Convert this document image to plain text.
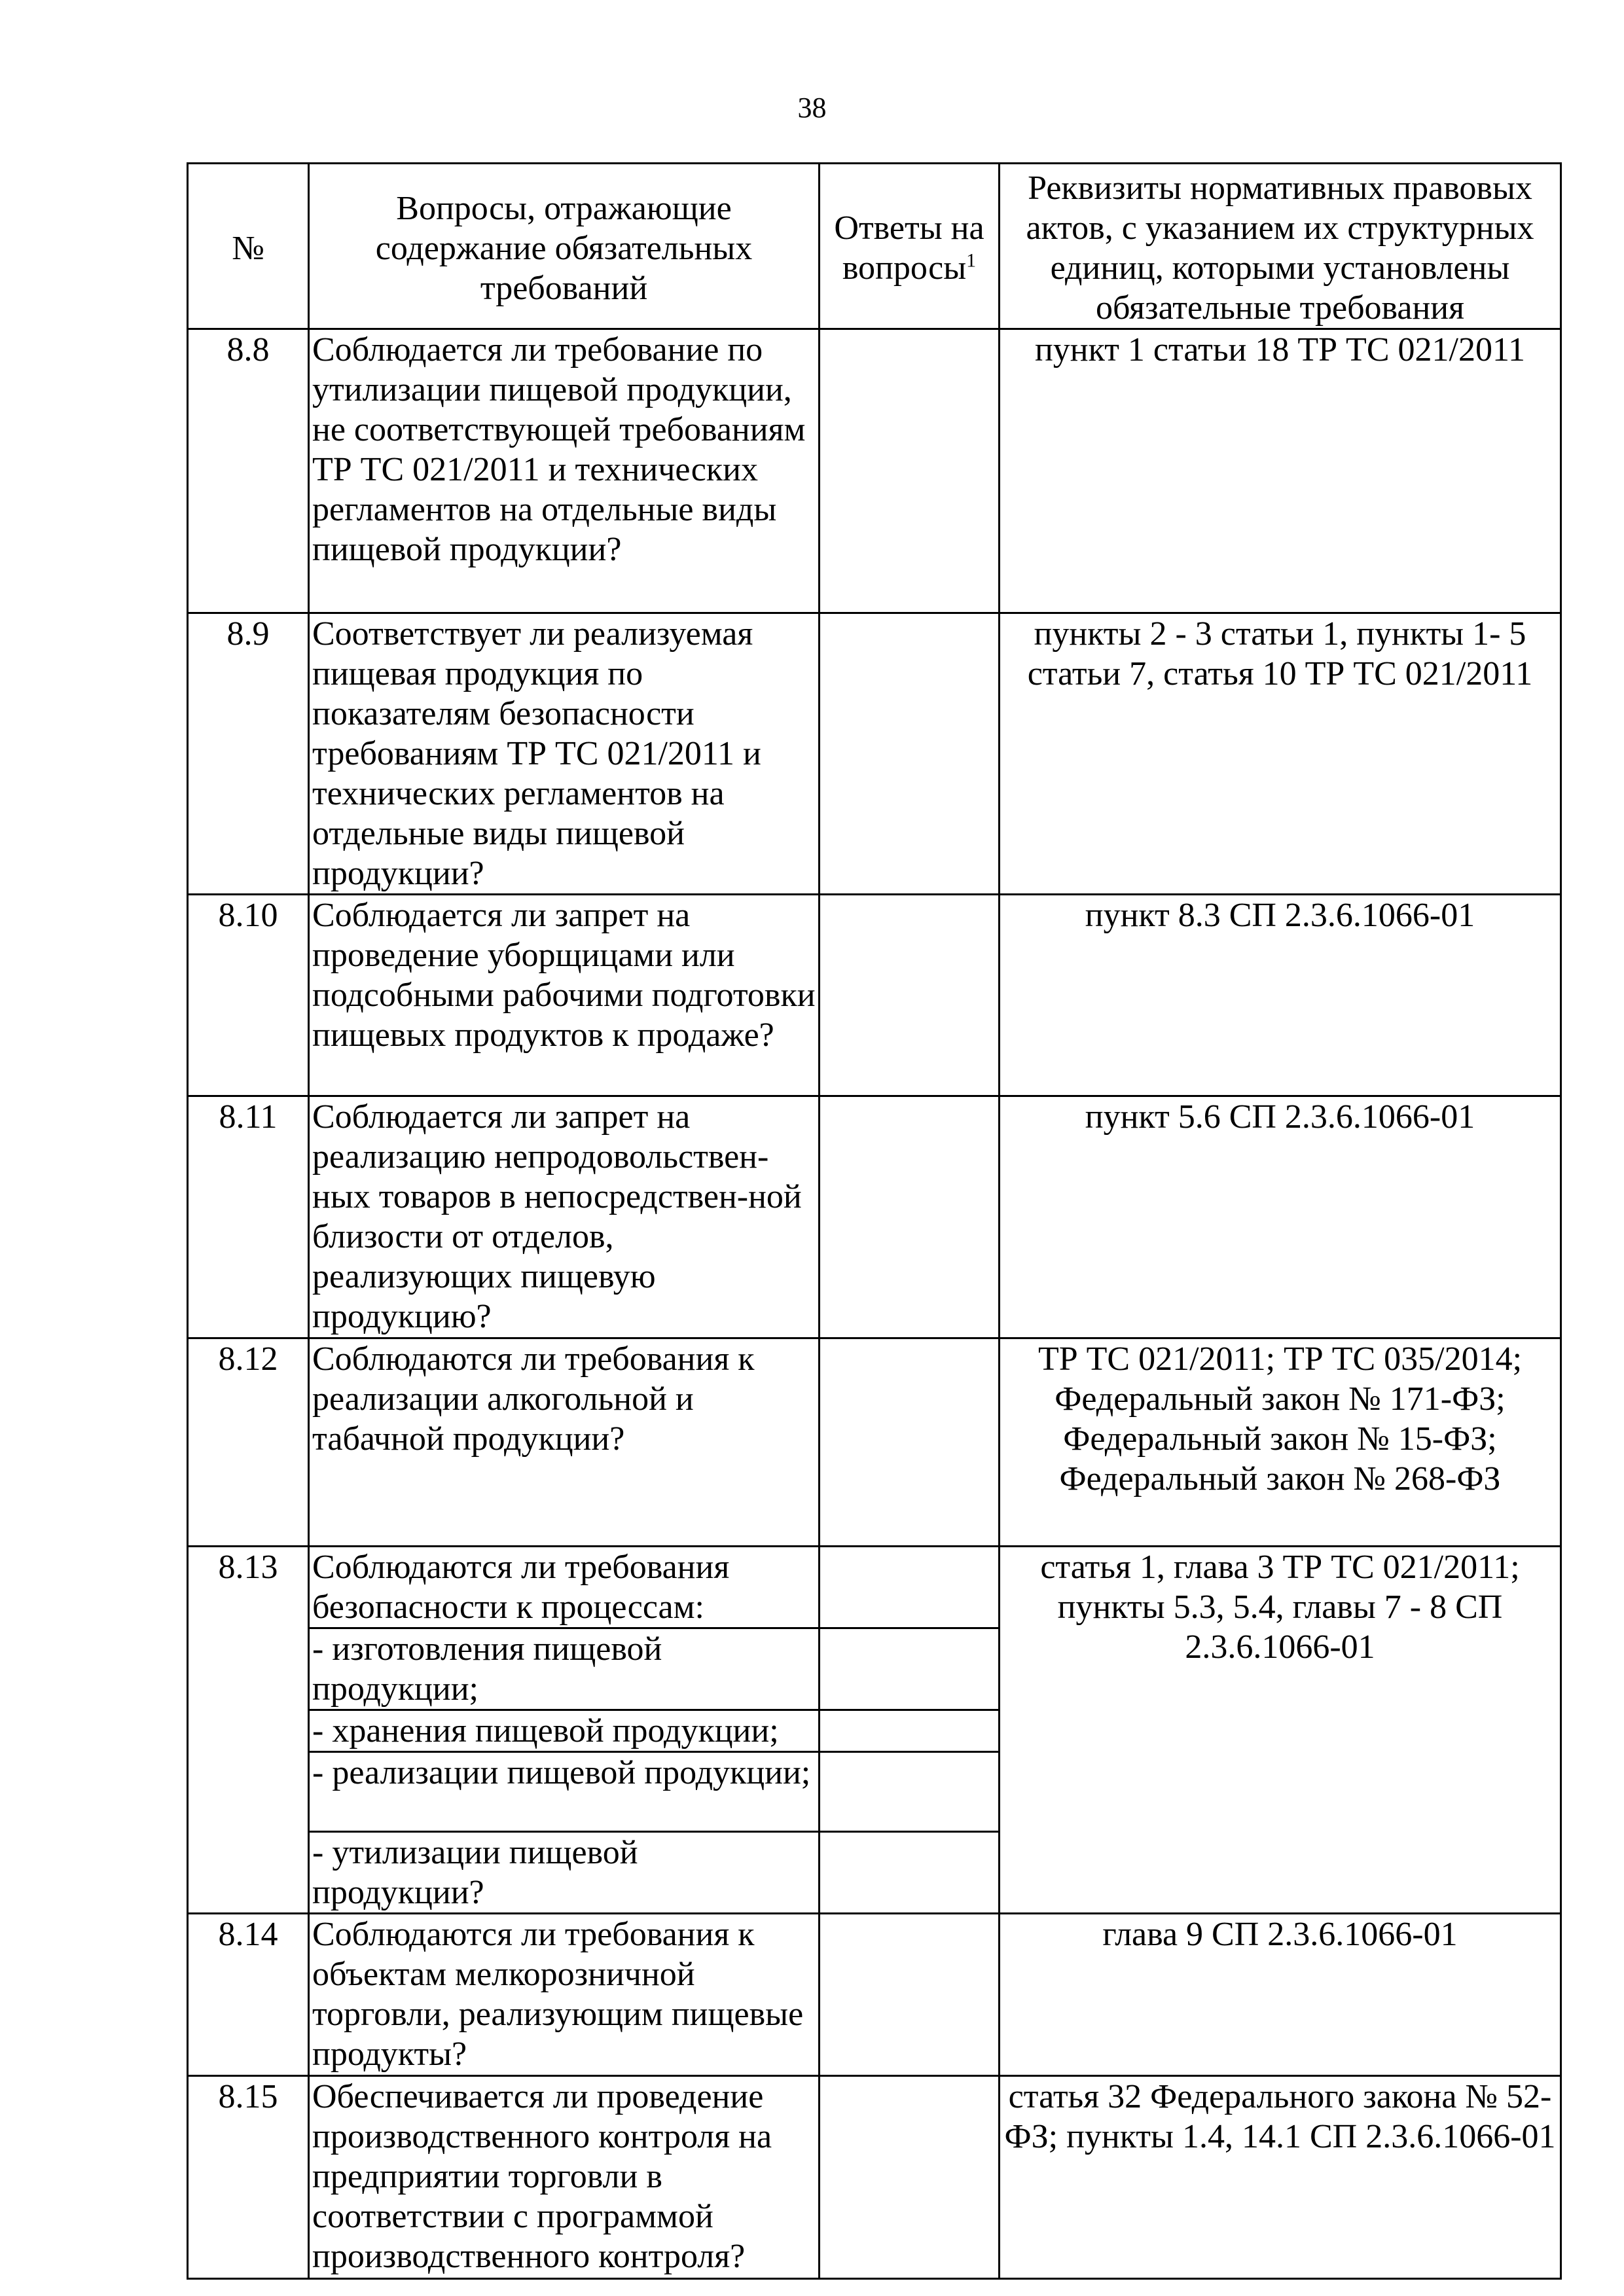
38
№	Вопросы, отражающие содержание обязательных требований	Ответы на вопросы$^1$	Реквизиты нормативных правовых актов, с указанием их структурных единиц, которыми установлены обязательные требования
8.8	Соблюдается ли требование по утилизации пищевой продукции, не соответствующей требованиям ТР ТС 021/2011 и технических регламентов на отдельные виды пищевой продукции?		пункт 1 статьи 18 ТР ТС 021/2011
8.9	Соответствует ли реализуемая пищевая продукция по показателям безопасности требованиям ТР ТС 021/2011 и технических регламентов на отдельные виды пищевой продукции?		пункты 2 - 3 статьи 1, пункты 1- 5 статьи 7, статья 10 ТР ТС 021/2011
8.10	Соблюдается ли запрет на проведение уборщицами или подсобными рабочими подготовки пищевых продуктов к продаже?		пункт 8.3 СП 2.3.6.1066-01
8.11	Соблюдается ли запрет на реализацию непродовольствен-ных товаров в непосредствен-ной близости от отделов, реализующих пищевую продукцию?		пункт 5.6 СП 2.3.6.1066-01
8.12	Соблюдаются ли требования к реализации алкогольной и табачной продукции?		ТР ТС 021/2011; ТР ТС 035/2014; Федеральный закон № 171-ФЗ; Федеральный закон № 15-ФЗ; Федеральный закон № 268-ФЗ
8.13	Соблюдаются ли требования безопасности к процессам:		статья 1, глава 3 ТР ТС 021/2011; пункты 5.3, 5.4, главы 7 - 8 СП 2.3.6.1066-01
	- изготовления пищевой продукции;		
	- хранения пищевой продукции;		
	- реализации пищевой продукции;		
	- утилизации пищевой продукции?		
8.14	Соблюдаются ли требования к объектам мелкорозничной торговли, реализующим пищевые продукты?		глава 9 СП 2.3.6.1066-01
8.15	Обеспечивается ли проведение производственного контроля на предприятии торговли в соответствии с программой производственного контроля?		статья 32 Федерального закона № 52-ФЗ; пункты 1.4, 14.1 СП 2.3.6.1066-01
